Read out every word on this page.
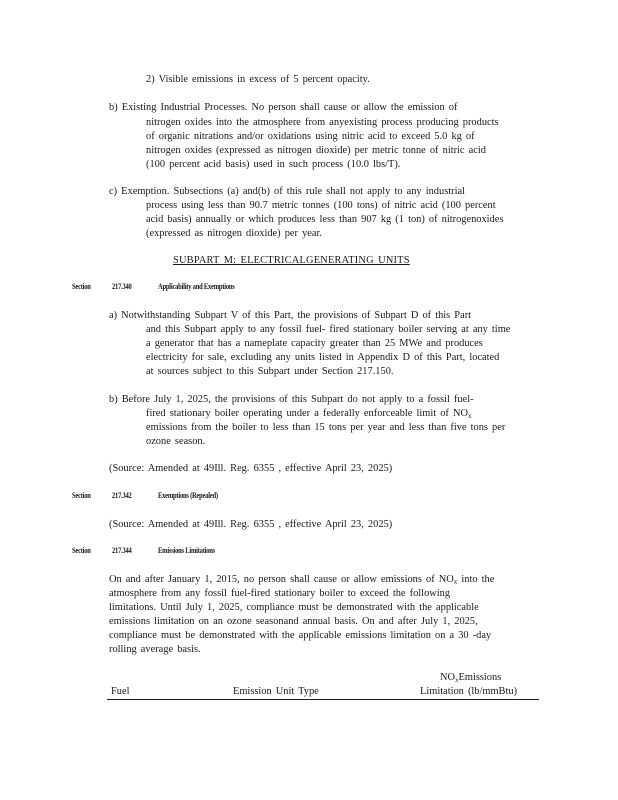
2) Visible emissions in excess of 5 percent opacity.
b) Existing Industrial Processes. No person shall cause or allow the emission of
nitrogen oxides into the atmosphere from anyexisting process producing products
of organic nitrations and/or oxidations using nitric acid to exceed 5.0 kg of
nitrogen oxides (expressed as nitrogen dioxide) per metric tonne of nitric acid
(100 percent acid basis) used in such process (10.0 lbs/T).
c) Exemption. Subsections (a) and(b) of this rule shall not apply to any industrial
process using less than 90.7 metric tonnes (100 tons) of nitric acid (100 percent
acid basis) annually or which produces less than 907 kg (1 ton) of nitrogenoxides
(expressed as nitrogen dioxide) per year.
SUBPART M: ELECTRICALGENERATING UNITS
Section	217.340	Applicability and Exemptions
a) Notwithstanding Subpart V of this Part, the provisions of Subpart D of this Part
and this Subpart apply to any fossil fuel- fired stationary boiler serving at any time
a generator that has a nameplate capacity greater than 25 MWe and produces
electricity for sale, excluding any units listed in Appendix D of this Part, located
at sources subject to this Subpart under Section 217.150.
b) Before July 1, 2025, the provisions of this Subpart do not apply to a fossil fuel-
fired stationary boiler operating under a federally enforceable limit of $NO_x$
emissions from the boiler to less than 15 tons per year and less than five tons per
ozone season.
(Source: Amended at 49Ill. Reg. 6355 , effective April 23, 2025)
Section	217.342	Exemptions (Repealed)
(Source: Amended at 49Ill. Reg. 6355 , effective April 23, 2025)
Section	217.344	Emissions Limitations
On and after January 1, 2015, no person shall cause or allow emissions of $NO_x$ into the
atmosphere from any fossil fuel-fired stationary boiler to exceed the following
limitations. Until July 1, 2025, compliance must be demonstrated with the applicable
emissions limitation on an ozone seasonand annual basis. On and after July 1, 2025,
compliance must be demonstrated with the applicable emissions limitation on a 30 -day
rolling average basis.
$NO_xEmissions$
Fuel	Emission Unit Type	Limitation (lb/mmBtu)
